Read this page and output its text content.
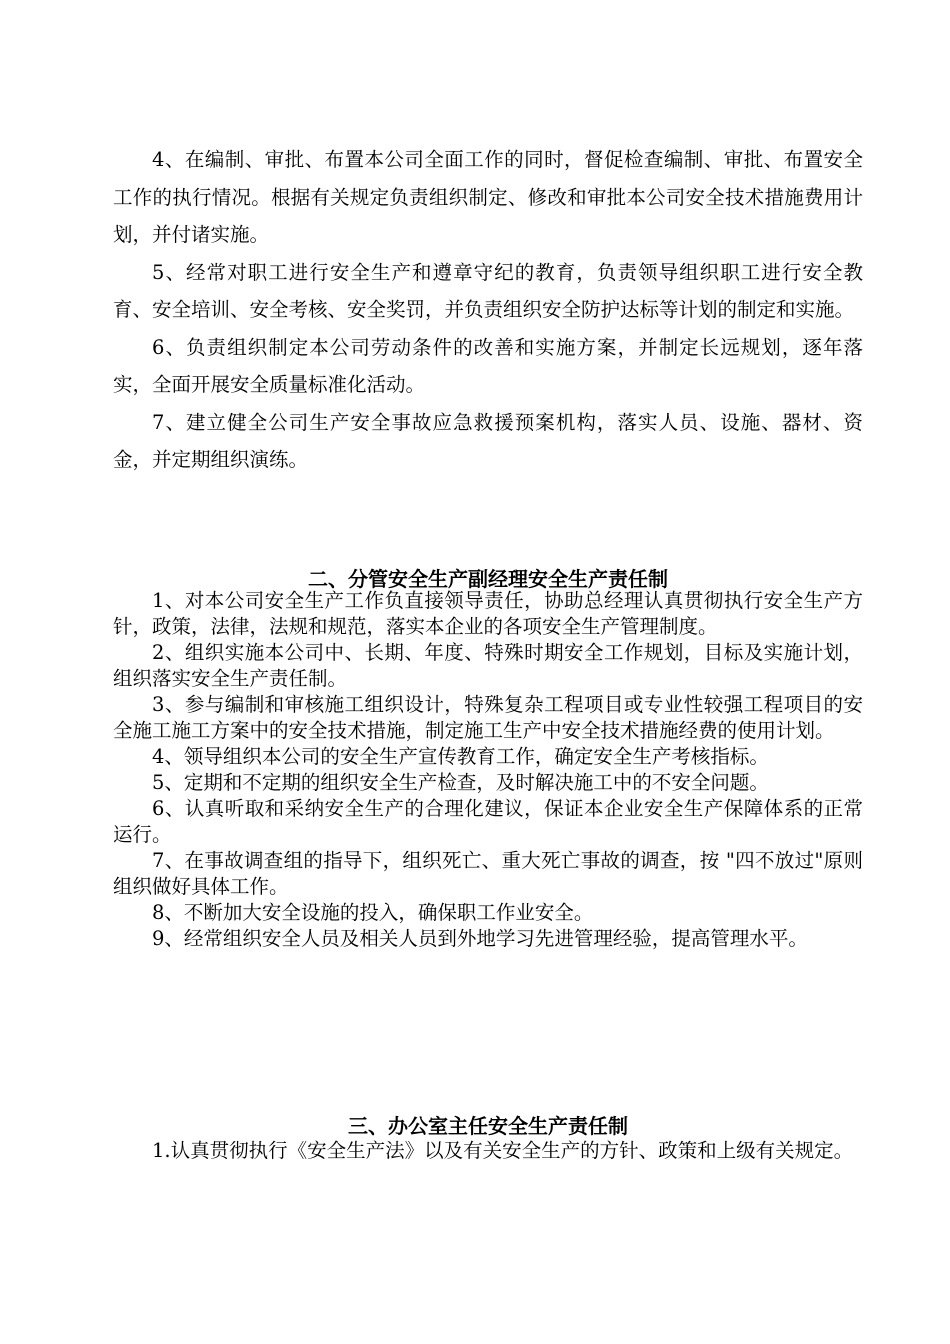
4、在编制、审批、布置本公司全面工作的同时，督促检查编制、审批、布置安全工作的执行情况。根据有关规定负责组织制定、修改和审批本公司安全技术措施费用计划，并付诸实施。

5、经常对职工进行安全生产和遵章守纪的教育，负责领导组织职工进行安全教育、安全培训、安全考核、安全奖罚，并负责组织安全防护达标等计划的制定和实施。

6、负责组织制定本公司劳动条件的改善和实施方案，并制定长远规划，逐年落实，全面开展安全质量标准化活动。

7、建立健全公司生产安全事故应急救援预案机构，落实人员、设施、器材、资金，并定期组织演练。

二、分管安全生产副经理安全生产责任制

1、对本公司安全生产工作负直接领导责任，协助总经理认真贯彻执行安全生产方针，政策，法律，法规和规范，落实本企业的各项安全生产管理制度。

2、组织实施本公司中、长期、年度、特殊时期安全工作规划，目标及实施计划，组织落实安全生产责任制。

3、参与编制和审核施工组织设计，特殊复杂工程项目或专业性较强工程项目的安全施工施工方案中的安全技术措施，制定施工生产中安全技术措施经费的使用计划。

4、领导组织本公司的安全生产宣传教育工作，确定安全生产考核指标。

5、定期和不定期的组织安全生产检查，及时解决施工中的不安全问题。

6、认真听取和采纳安全生产的合理化建议，保证本企业安全生产保障体系的正常运行。

7、在事故调查组的指导下，组织死亡、重大死亡事故的调查，按 "四不放过"原则组织做好具体工作。

8、不断加大安全设施的投入，确保职工作业安全。

9、经常组织安全人员及相关人员到外地学习先进管理经验，提高管理水平。

三、办公室主任安全生产责任制

1.认真贯彻执行《安全生产法》以及有关安全生产的方针、政策和上级有关规定。
